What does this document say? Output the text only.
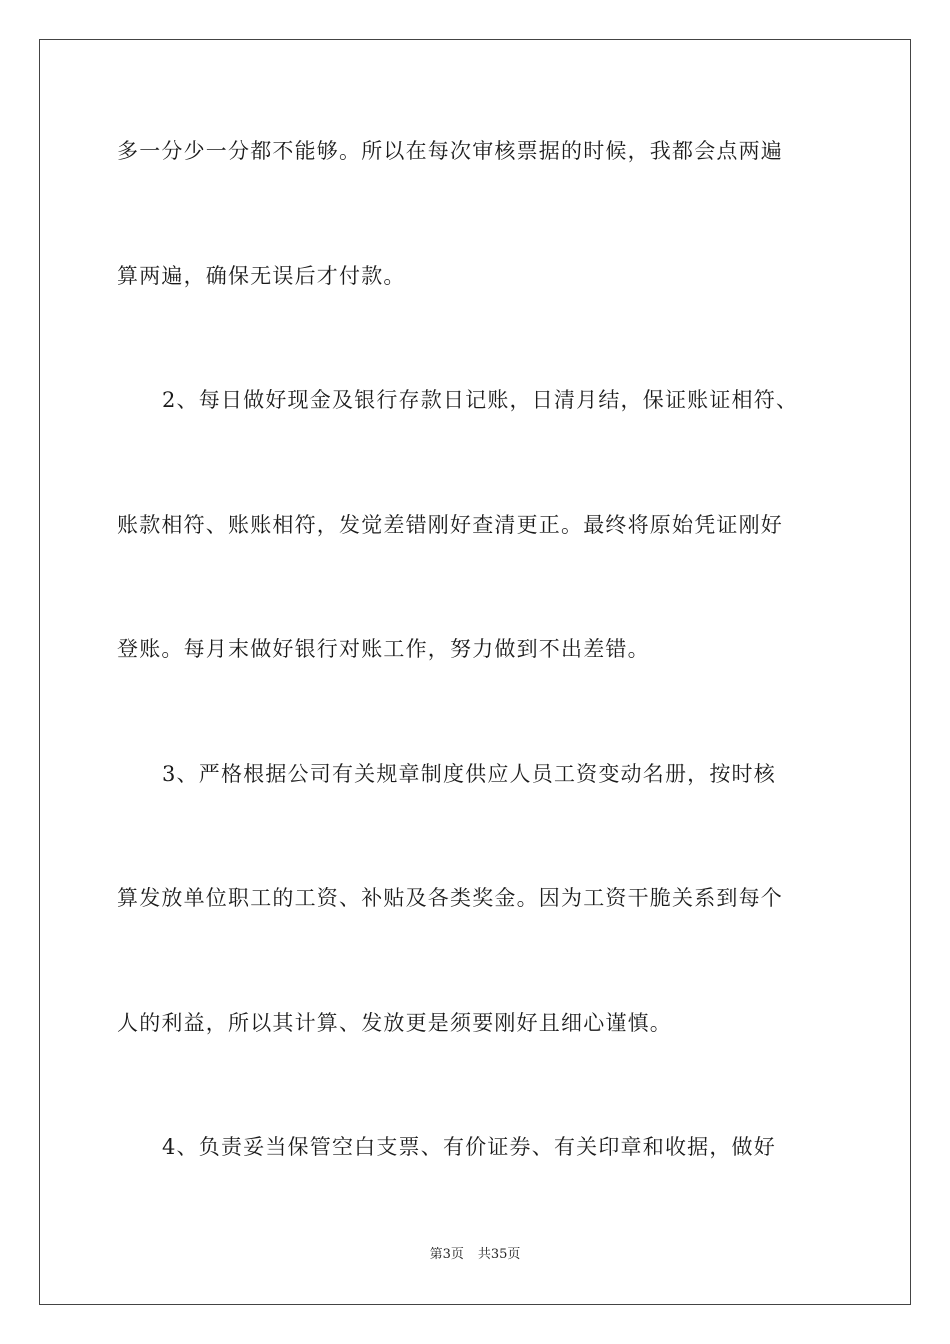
多一分少一分都不能够。所以在每次审核票据的时候，我都会点两遍
算两遍，确保无误后才付款。
2、每日做好现金及银行存款日记账，日清月结，保证账证相符、
账款相符、账账相符，发觉差错刚好查清更正。最终将原始凭证刚好
登账。每月末做好银行对账工作，努力做到不出差错。
3、严格根据公司有关规章制度供应人员工资变动名册，按时核
算发放单位职工的工资、补贴及各类奖金。因为工资干脆关系到每个
人的利益，所以其计算、发放更是须要刚好且细心谨慎。
4、负责妥当保管空白支票、有价证券、有关印章和收据，做好
第3页 共35页
